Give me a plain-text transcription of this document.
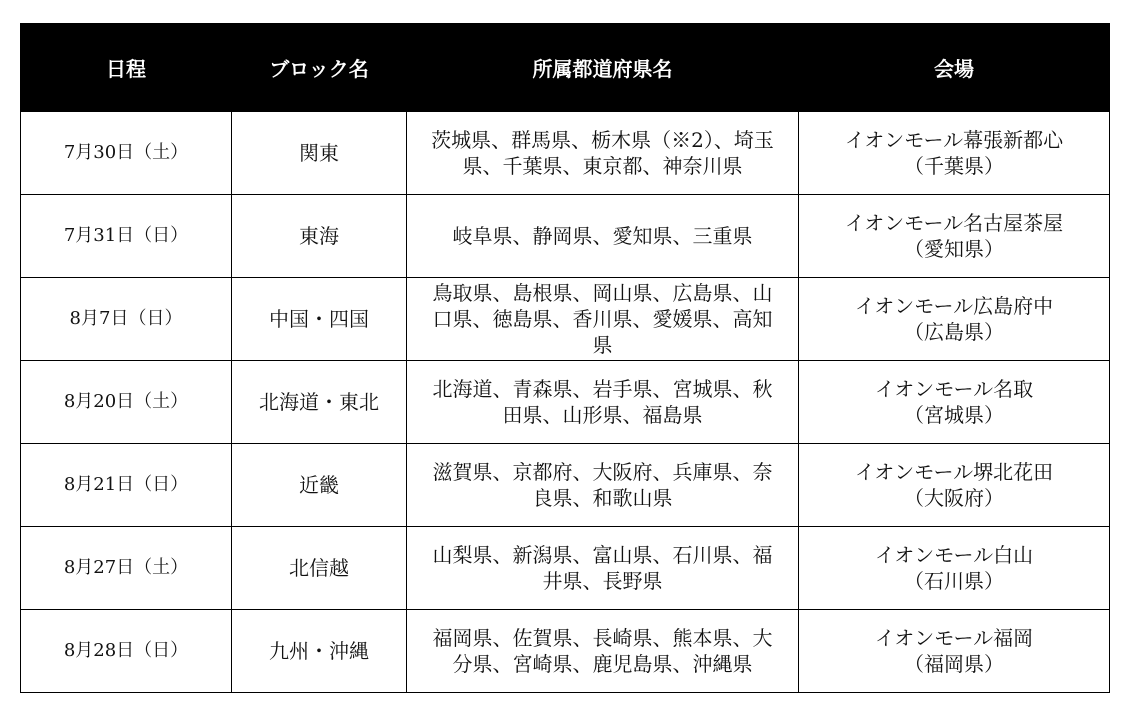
日程	ブロック名	所属都道府県名	会場
7月30日（土）	関東	茨城県、群馬県、栃木県（※2）、埼玉県、千葉県、東京都、神奈川県	イオンモール幕張新都心
（千葉県）

7月31日（日）	東海	岐阜県、静岡県、愛知県、三重県	イオンモール名古屋茶屋
（愛知県）

8月7日（日）	中国・四国	鳥取県、島根県、岡山県、広島県、山口県、徳島県、香川県、愛媛県、高知県	イオンモール広島府中
（広島県）

8月20日（土）	北海道・東北	北海道、青森県、岩手県、宮城県、秋田県、山形県、福島県	イオンモール名取
（宮城県）

8月21日（日）	近畿	滋賀県、京都府、大阪府、兵庫県、奈良県、和歌山県	イオンモール堺北花田
（大阪府）

8月27日（土）	北信越	山梨県、新潟県、富山県、石川県、福井県、長野県	イオンモール白山
（石川県）

8月28日（日）	九州・沖縄	福岡県、佐賀県、長崎県、熊本県、大分県、宮崎県、鹿児島県、沖縄県	イオンモール福岡
（福岡県）
